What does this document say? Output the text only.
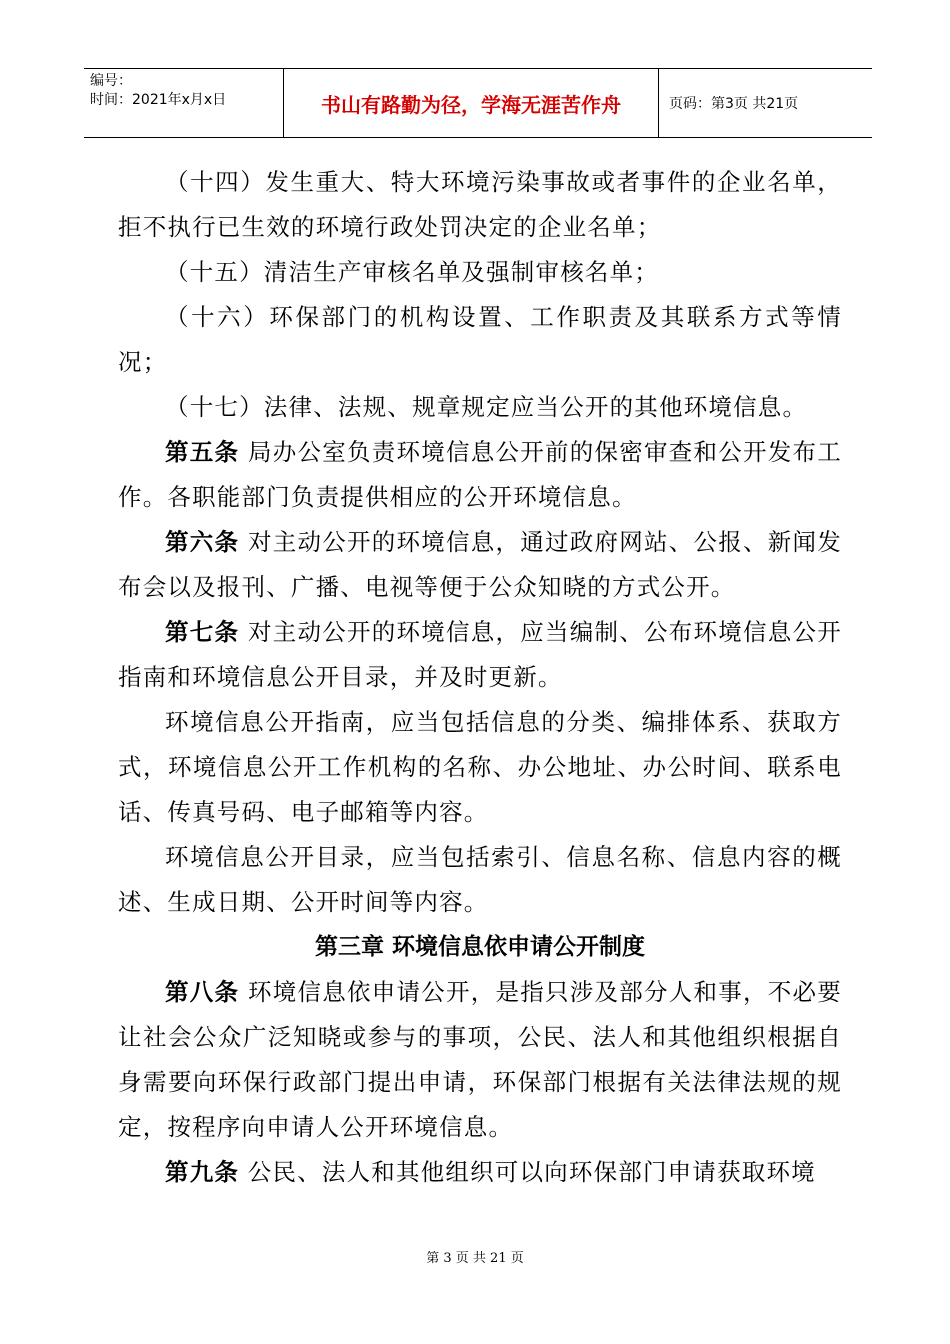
编号：
时间：2021年x月x日	书山有路勤为径，学海无涯苦作舟	页码：第3页 共21页

（十四）发生重大、特大环境污染事故或者事件的企业名单，拒不执行已生效的环境行政处罚决定的企业名单；

（十五）清洁生产审核名单及强制审核名单；

（十六）环保部门的机构设置、工作职责及其联系方式等情况；

（十七）法律、法规、规章规定应当公开的其他环境信息。

第五条 局办公室负责环境信息公开前的保密审查和公开发布工作。各职能部门负责提供相应的公开环境信息。

第六条 对主动公开的环境信息，通过政府网站、公报、新闻发布会以及报刊、广播、电视等便于公众知晓的方式公开。

第七条 对主动公开的环境信息，应当编制、公布环境信息公开指南和环境信息公开目录，并及时更新。

环境信息公开指南，应当包括信息的分类、编排体系、获取方式，环境信息公开工作机构的名称、办公地址、办公时间、联系电话、传真号码、电子邮箱等内容。

环境信息公开目录，应当包括索引、信息名称、信息内容的概述、生成日期、公开时间等内容。

第三章 环境信息依申请公开制度

第八条 环境信息依申请公开，是指只涉及部分人和事，不必要让社会公众广泛知晓或参与的事项，公民、法人和其他组织根据自身需要向环保行政部门提出申请，环保部门根据有关法律法规的规定，按程序向申请人公开环境信息。

第九条 公民、法人和其他组织可以向环保部门申请获取环境

第 3 页 共 21 页
